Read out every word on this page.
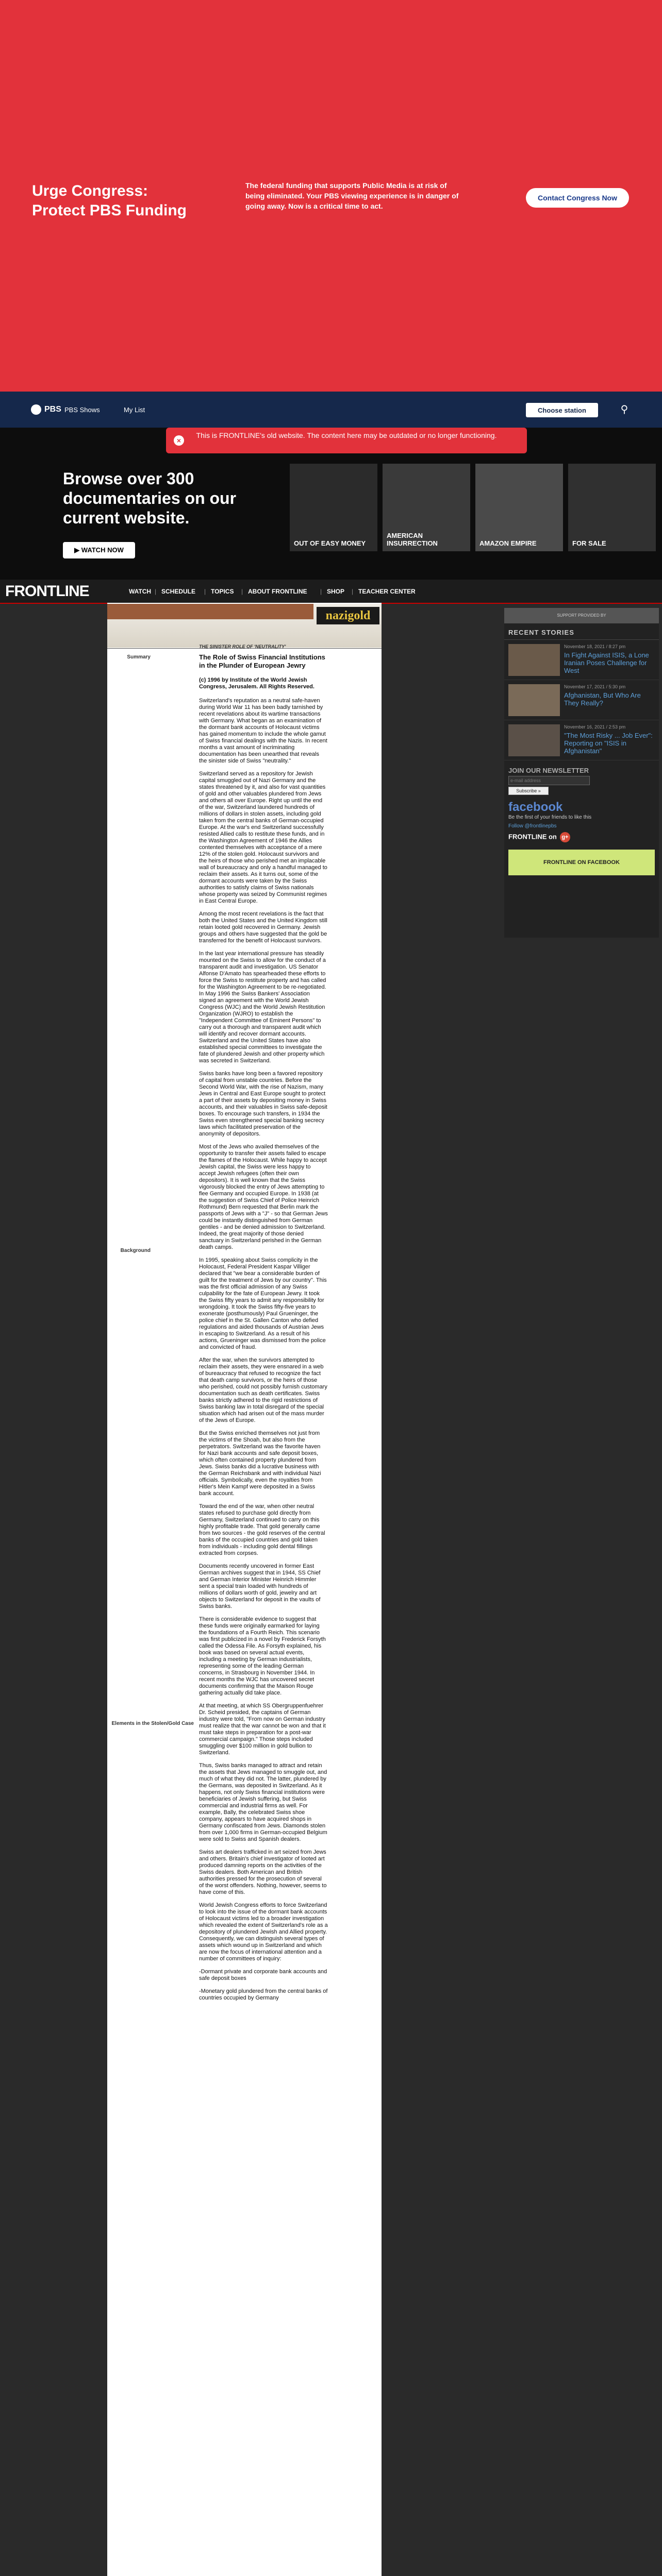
Urge Congress: Protect PBS Funding
The federal funding that supports Public Media is at risk of being eliminated. Your PBS viewing experience is in danger of going away. Now is a critical time to act.
Contact Congress Now
PBS PBS Shows	My List	Choose station	⚲
×
This is FRONTLINE's old website. The content here may be outdated or no longer functioning.
Browse over 300 documentaries on our current website.
▶ WATCH NOW
OUT OF EASY MONEY
AMERICAN INSURRECTION	AMAZON EMPIRE	FOR SALE
FRONTLINE	WATCH | SCHEDULE | TOPICS | ABOUT FRONTLINE | SHOP | TEACHER CENTER
nazigold
THE SINISTER ROLE OF 'NEUTRALITY'
Summary
Background
Elements in the Stolen/Gold Case
The Role of Swiss Financial Institutions in the Plunder of European Jewry
(c) 1996 by Institute of the World Jewish Congress, Jerusalem. All Rights Reserved.

Switzerland's reputation as a neutral safe-haven during World War 11 has been badly tarnished by recent revelations about its wartime transactions with Germany. What began as an examination of the dormant bank accounts of Holocaust victims has gained momentum to include the whole gamut of Swiss financial dealings with the Nazis. In recent months a vast amount of incriminating documentation has been unearthed that reveals the sinister side of Swiss "neutrality."

Switzerland served as a repository for Jewish capital smuggled out of Nazi Germany and the states threatened by it, and also for vast quantities of gold and other valuables plundered from Jews and others all over Europe. Right up until the end of the war, Switzerland laundered hundreds of millions of dollars in stolen assets, including gold taken from the central banks of German-occupied Europe. At the war's end Switzerland successfully resisted Allied calls to restitute these funds, and in the Washington Agreement of 1946 the Allies contented themselves with acceptance of a mere 12% of the stolen gold. Holocaust survivors and the heirs of those who perished met an implacable wall of bureaucracy and only a handful managed to reclaim their assets. As it turns out, some of the dormant accounts were taken by the Swiss authorities to satisfy claims of Swiss nationals whose property was seized by Communist regimes in East Central Europe.

Among the most recent revelations is the fact that both the United States and the United Kingdom still retain looted gold recovered in Germany. Jewish groups and others have suggested that the gold be transferred for the benefit of Holocaust survivors.

In the last year international pressure has steadily mounted on the Swiss to allow for the conduct of a transparent audit and investigation. US Senator Alfonse D'Amato has spearheaded these efforts to force the Swiss to restitute property and has called for the Washington Agreement to be re-negotiated. In May 1996 the Swiss Bankers' Association signed an agreement with the World Jewish Congress (WJC) and the World Jewish Restitution Organization (WJRO) to establish the "Independent Committee of Eminent Persons" to carry out a thorough and transparent audit which will identify and recover dormant accounts. Switzerland and the United States have also established special committees to investigate the fate of plundered Jewish and other property which was secreted in Switzerland.

Swiss banks have long been a favored repository of capital from unstable countries. Before the Second World War, with the rise of Nazism, many Jews in Central and East Europe sought to protect a part of their assets by depositing money in Swiss accounts, and their valuables in Swiss safe-deposit boxes. To encourage such transfers, in 1934 the Swiss even strengthened special banking secrecy laws which facilitated preservation of the anonymity of depositors.

Most of the Jews who availed themselves of the opportunity to transfer their assets failed to escape the flames of the Holocaust. While happy to accept Jewish capital, the Swiss were less happy to accept Jewish refugees (often their own depositors). It is well known that the Swiss vigorously blocked the entry of Jews attempting to flee Germany and occupied Europe. In 1938 (at the suggestion of Swiss Chief of Police Heinrich Rothmund) Bern requested that Berlin mark the passports of Jews with a "J" - so that German Jews could be instantly distinguished from German gentiles - and be denied admission to Switzerland. Indeed, the great majority of those denied sanctuary in Switzerland perished in the German death camps.

In 1995, speaking about Swiss complicity in the Holocaust, Federal President Kaspar Villiger declared that "we bear a considerable burden of guilt for the treatment of Jews by our country". This was the first official admission of any Swiss culpability for the fate of European Jewry. It took the Swiss fifty years to admit any responsibility for wrongdoing. It took the Swiss fifty-five years to exonerate (posthumously) Paul Grueninger, the police chief in the St. Gallen Canton who defied regulations and aided thousands of Austrian Jews in escaping to Switzerland. As a result of his actions, Grueninger was dismissed from the police and convicted of fraud.

After the war, when the survivors attempted to reclaim their assets, they were ensnared in a web of bureaucracy that refused to recognize the fact that death camp survivors, or the heirs of those who perished, could not possibly furnish customary documentation such as death certificates. Swiss banks strictly adhered to the rigid restrictions of Swiss banking law in total disregard of the special situation which had arisen out of the mass murder of the Jews of Europe.

But the Swiss enriched themselves not just from the victims of the Shoah, but also from the perpetrators. Switzerland was the favorite haven for Nazi bank accounts and safe deposit boxes, which often contained property plundered from Jews. Swiss banks did a lucrative business with the German Reichsbank and with individual Nazi officials. Symbolically, even the royalties from Hitler's Mein Kampf were deposited in a Swiss bank account.

Toward the end of the war, when other neutral states refused to purchase gold directly from Germany, Switzerland continued to carry on this highly profitable trade. That gold generally came from two sources - the gold reserves of the central banks of the occupied countries and gold taken from individuals - including gold dental fillings extracted from corpses.

Documents recently uncovered in former East German archives suggest that in 1944, SS Chief and German Interior Minister Heinrich Himmler sent a special train loaded with hundreds of millions of dollars worth of gold, jewelry and art objects to Switzerland for deposit in the vaults of Swiss banks.

There is considerable evidence to suggest that these funds were originally earmarked for laying the foundations of a Fourth Reich. This scenario was first publicized in a novel by Frederick Forsyth called the Odessa File. As Forsyth explained, his book was based on several actual events, including a meeting by German industrialists, representing some of the leading German concerns, in Strasbourg in November 1944. In recent months the WJC has uncovered secret documents confirming that the Maison Rouge gathering actually did take place.

At that meeting, at which SS Obergruppenfuehrer Dr. Scheid presided, the captains of German industry were told, "From now on German industry must realize that the war cannot be won and that it must take steps in preparation for a post-war commercial campaign." Those steps included smuggling over $100 million in gold bullion to Switzerland.

Thus, Swiss banks managed to attract and retain the assets that Jews managed to smuggle out, and much of what they did not. The latter, plundered by the Germans, was deposited in Switzerland. As it happens, not only Swiss financial institutions were beneficiaries of Jewish suffering, but Swiss commercial and industrial firms as well. For example, Bally, the celebrated Swiss shoe company, appears to have acquired shops in Germany confiscated from Jews. Diamonds stolen from over 1,000 firms in German-occupied Belgium were sold to Swiss and Spanish dealers.

Swiss art dealers trafficked in art seized from Jews and others. Britain's chief investigator of looted art produced damning reports on the activities of the Swiss dealers. Both American and British authorities pressed for the prosecution of several of the worst offenders. Nothing, however, seems to have come of this.

World Jewish Congress efforts to force Switzerland to look into the issue of the dormant bank accounts of Holocaust victims led to a broader investigation which revealed the extent of Switzerland's role as a depository of plundered Jewish and Allied property. Consequently, we can distinguish several types of assets which wound up in Switzerland and which are now the focus of international attention and a number of committees of inquiry:

-Dormant private and corporate bank accounts and safe deposit boxes

-Monetary gold plundered from the central banks of countries occupied by Germany

SUPPORT PROVIDED BY
RECENT STORIES
November 18, 2021 / 8:27 pm
In Fight Against ISIS, a Lone Iranian Poses Challenge for West
November 17, 2021 / 5:30 pm
Afghanistan, But Who Are They Really?
November 16, 2021 / 2:53 pm
"The Most Risky ... Job Ever": Reporting on "ISIS in Afghanistan"
JOIN OUR NEWSLETTER
e-mail address
Subscribe »
facebook
Be the first of your friends to like this
Follow @frontlinepbs
FRONTLINE on g+
FRONTLINE ON FACEBOOK
